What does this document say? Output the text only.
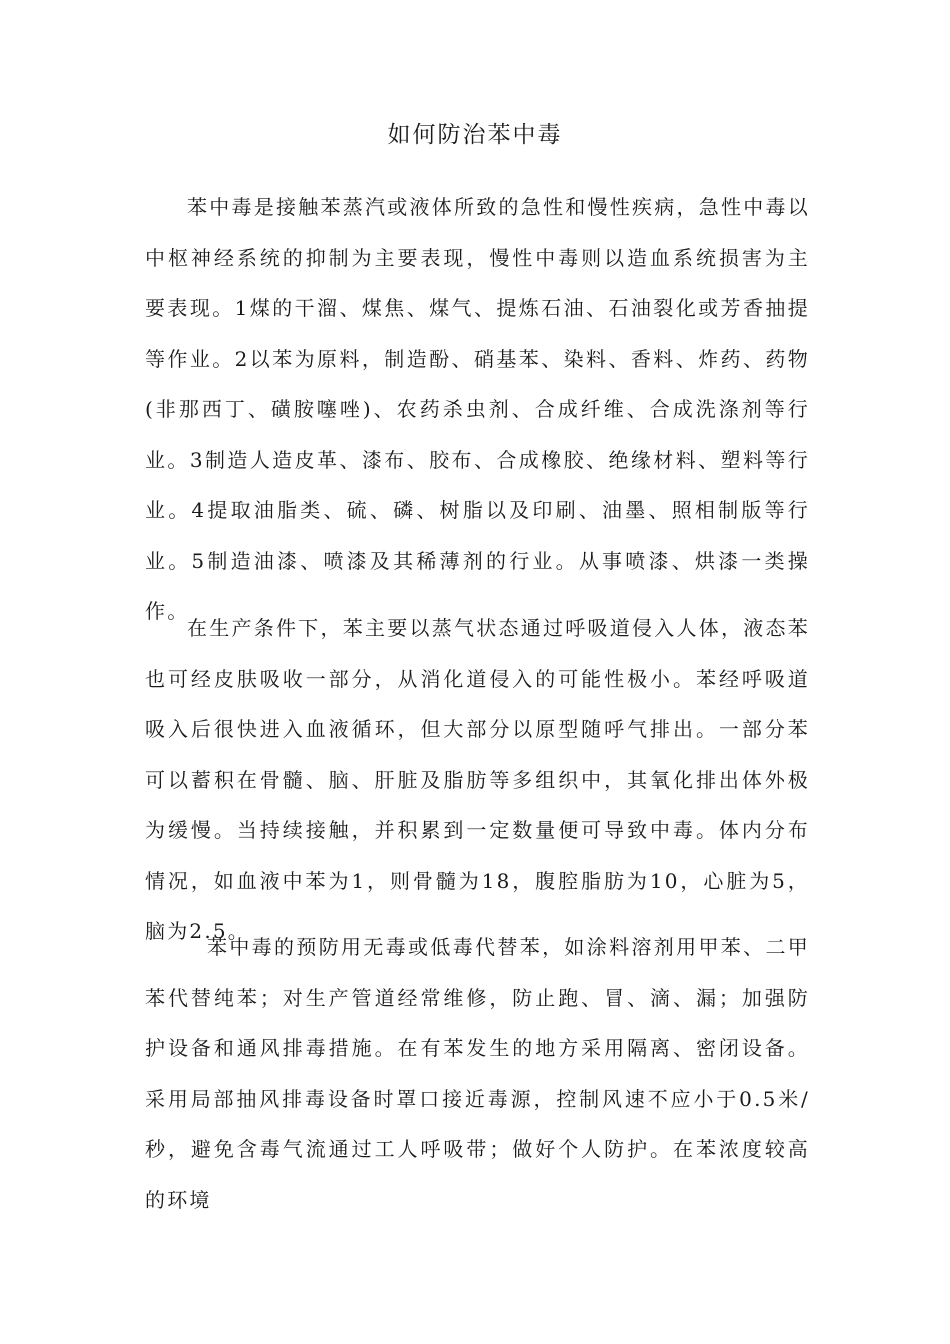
如何防治苯中毒

苯中毒是接触苯蒸汽或液体所致的急性和慢性疾病，急性中毒以中枢神经系统的抑制为主要表现，慢性中毒则以造血系统损害为主要表现。1煤的干溜、煤焦、煤气、提炼石油、石油裂化或芳香抽提等作业。2以苯为原料，制造酚、硝基苯、染料、香料、炸药、药物(非那西丁、磺胺噻唑)、农药杀虫剂、合成纤维、合成洗涤剂等行业。3制造人造皮革、漆布、胶布、合成橡胶、绝缘材料、塑料等行业。4提取油脂类、硫、磷、树脂以及印刷、油墨、照相制版等行业。5制造油漆、喷漆及其稀薄剂的行业。从事喷漆、烘漆一类操作。

在生产条件下，苯主要以蒸气状态通过呼吸道侵入人体，液态苯也可经皮肤吸收一部分，从消化道侵入的可能性极小。苯经呼吸道吸入后很快进入血液循环，但大部分以原型随呼气排出。一部分苯可以蓄积在骨髓、脑、肝脏及脂肪等多组织中，其氧化排出体外极为缓慢。当持续接触，并积累到一定数量便可导致中毒。体内分布情况，如血液中苯为1，则骨髓为18，腹腔脂肪为10，心脏为5，脑为2.5。

苯中毒的预防用无毒或低毒代替苯，如涂料溶剂用甲苯、二甲苯代替纯苯；对生产管道经常维修，防止跑、冒、滴、漏；加强防护设备和通风排毒措施。在有苯发生的地方采用隔离、密闭设备。采用局部抽风排毒设备时罩口接近毒源，控制风速不应小于0.5米/秒，避免含毒气流通过工人呼吸带；做好个人防护。在苯浓度较高的环境
